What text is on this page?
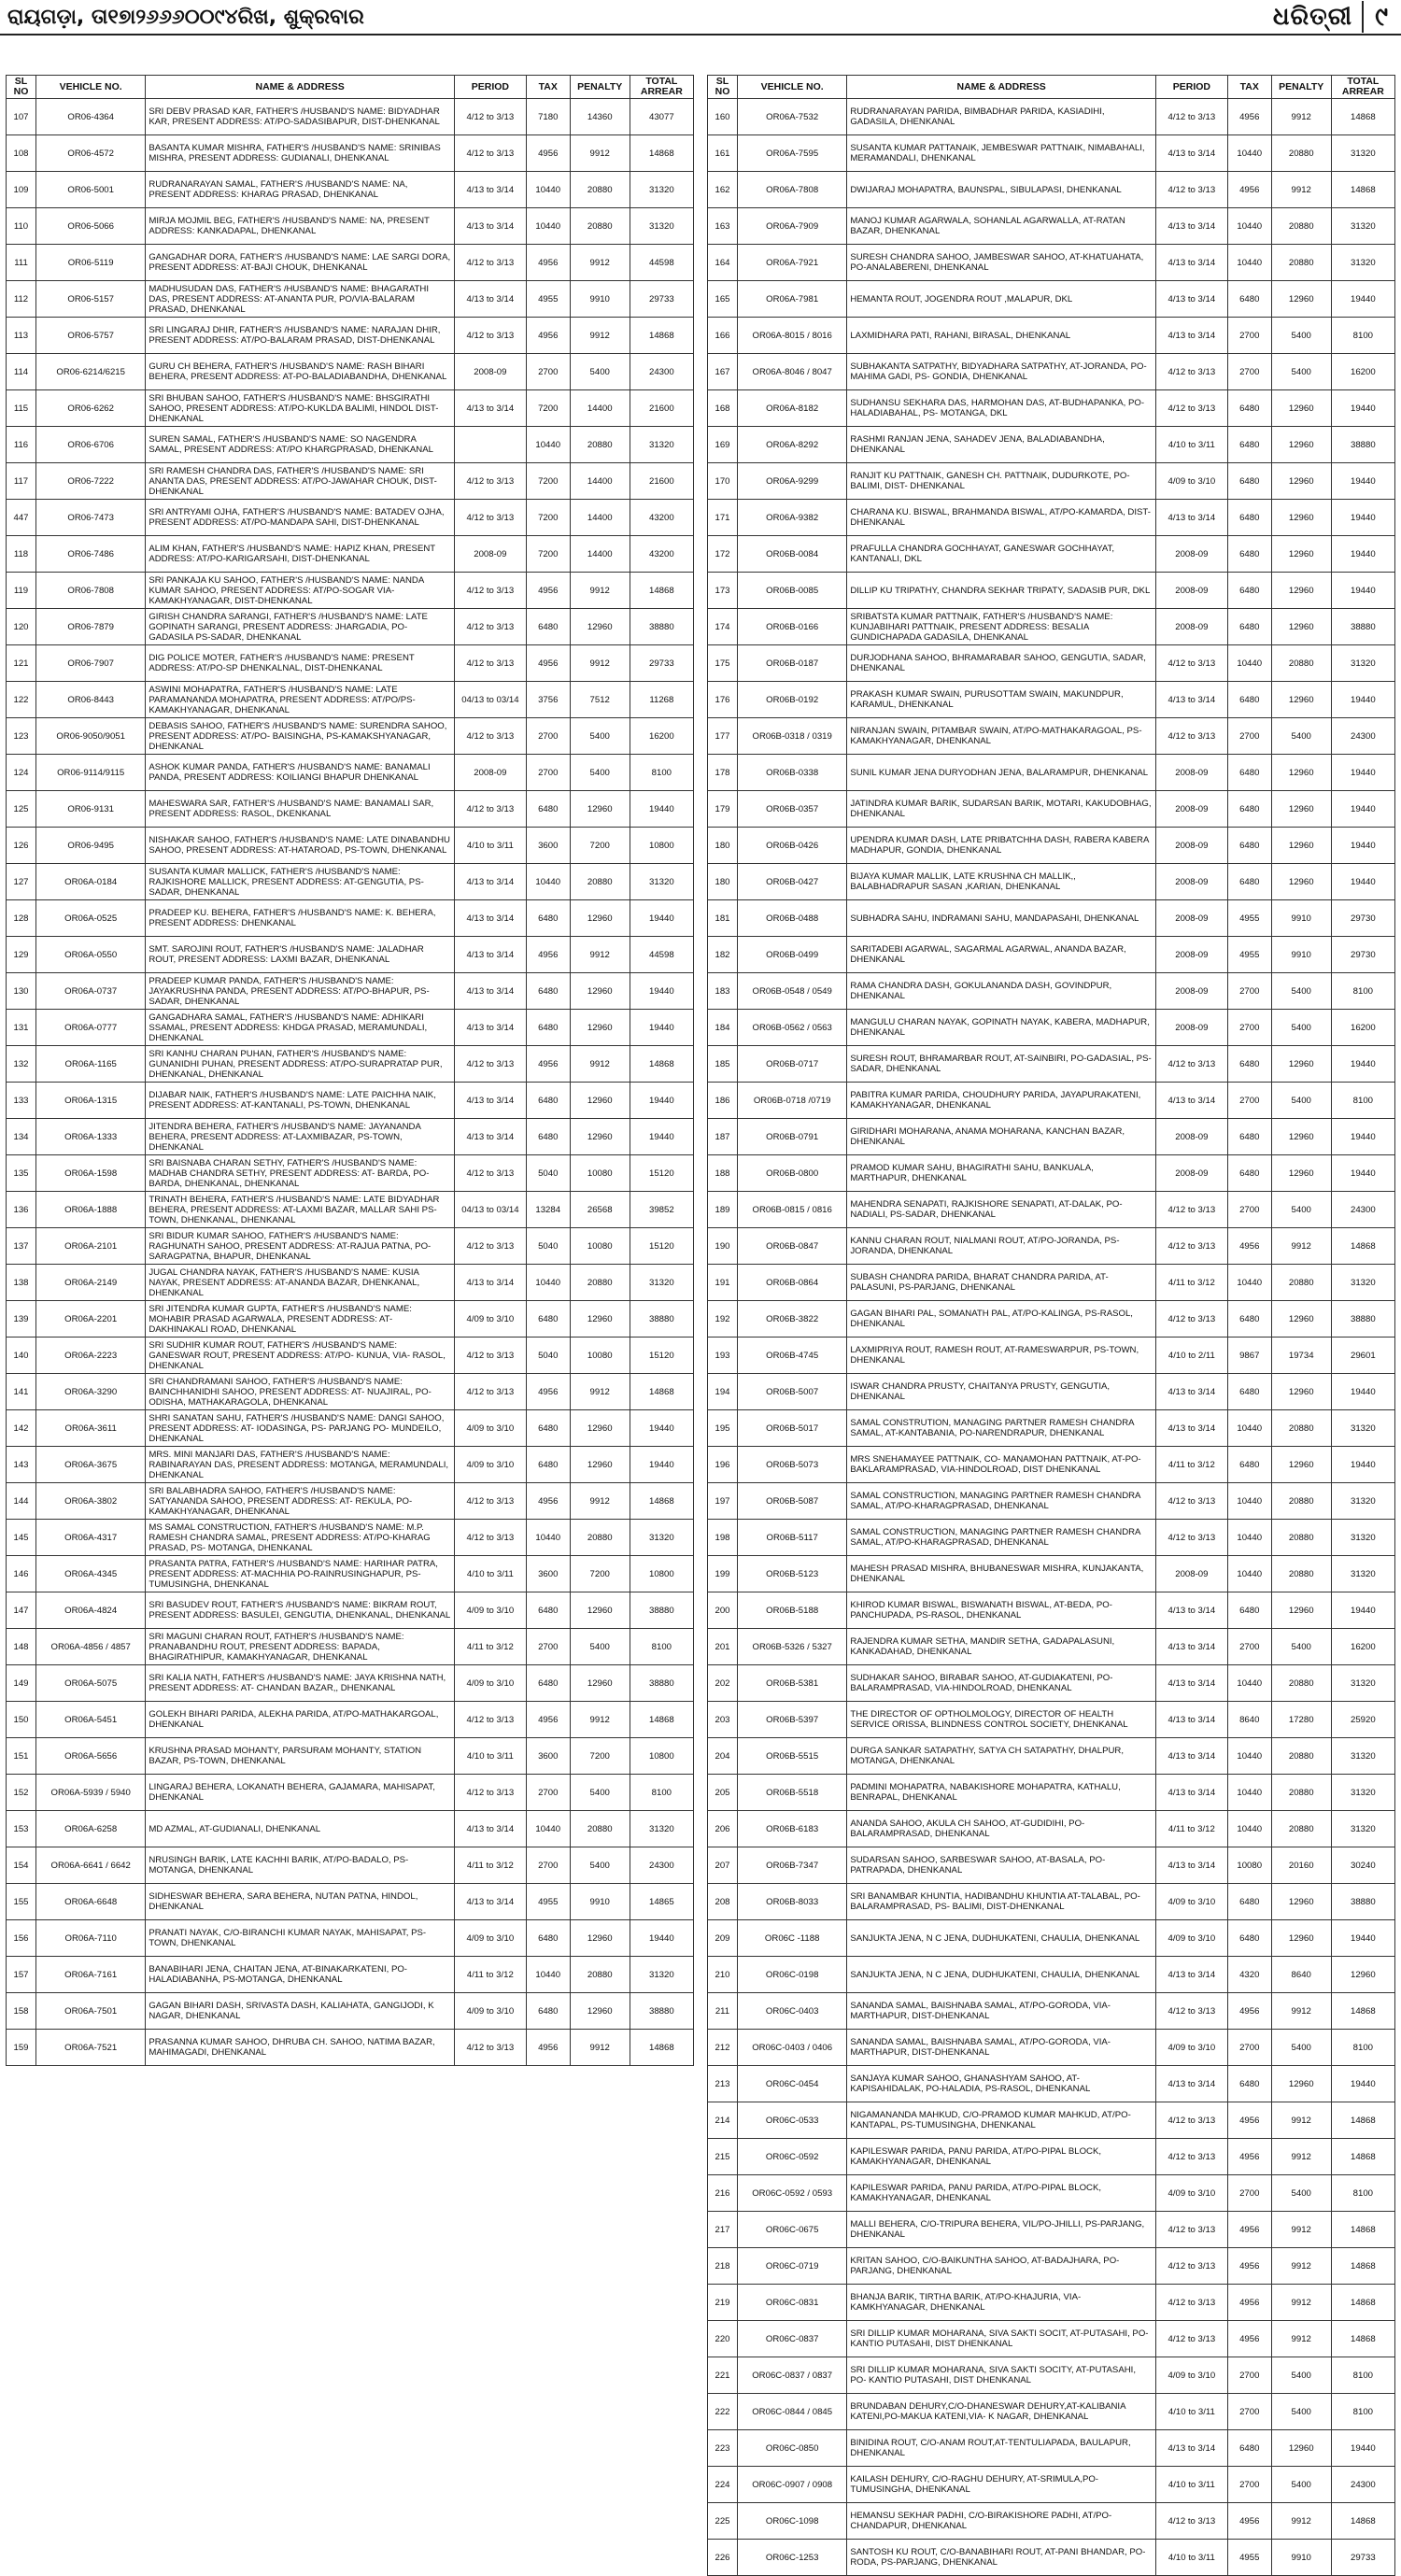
ରାୟଗଡ଼ା, ତା୧୭ା୨୬୬୬୦୦୯୪ରିଖ, ଶୁକ୍ରବାର	ଧରିତ୍ରୀ ୯
SL NO	VEHICLE NO.	NAME & ADDRESS	PERIOD	TAX	PENALTY	TOTAL ARREAR
107	OR06-4364	SRI DEBV PRASAD KAR, FATHER'S /HUSBAND'S NAME: BIDYADHAR KAR, PRESENT ADDRESS: AT/PO-SADASIBAPUR, DIST-DHENKANAL	4/12 to 3/13	7180	14360	43077
108	OR06-4572	BASANTA KUMAR MISHRA, FATHER'S /HUSBAND'S NAME: SRINIBAS MISHRA, PRESENT ADDRESS: GUDIANALI, DHENKANAL	4/12 to 3/13	4956	9912	14868
109	OR06-5001	RUDRANARAYAN SAMAL, FATHER'S /HUSBAND'S NAME: NA, PRESENT ADDRESS: KHARAG PRASAD, DHENKANAL	4/13 to 3/14	10440	20880	31320
110	OR06-5066	MIRJA MOJMIL BEG, FATHER'S /HUSBAND'S NAME: NA, PRESENT ADDRESS: KANKADAPAL, DHENKANAL	4/13 to 3/14	10440	20880	31320
111	OR06-5119	GANGADHAR DORA, FATHER'S /HUSBAND'S NAME: LAE SARGI DORA, PRESENT ADDRESS: AT-BAJI CHOUK, DHENKANAL	4/12 to 3/13	4956	9912	44598
112	OR06-5157	MADHUSUDAN DAS, FATHER'S /HUSBAND'S NAME: BHAGARATHI DAS, PRESENT ADDRESS: AT-ANANTA PUR, PO/VIA-BALARAM PRASAD, DHENKANAL	4/13 to 3/14	4955	9910	29733
113	OR06-5757	SRI LINGARAJ DHIR, FATHER'S /HUSBAND'S NAME: NARAJAN DHIR, PRESENT ADDRESS: AT/PO-BALARAM PRASAD, DIST-DHENKANAL	4/12 to 3/13	4956	9912	14868
114	OR06-6214/6215	GURU CH BEHERA, FATHER'S /HUSBAND'S NAME: RASH BIHARI BEHERA, PRESENT ADDRESS: AT-PO-BALADIABANDHA, DHENKANAL	2008-09	2700	5400	24300
115	OR06-6262	SRI BHUBAN SAHOO, FATHER'S /HUSBAND'S NAME: BHSGIRATHI SAHOO, PRESENT ADDRESS: AT/PO-KUKLDA BALIMI, HINDOL DIST-DHENKANAL	4/13 to 3/14	7200	14400	21600
116	OR06-6706	SUREN SAMAL, FATHER'S /HUSBAND'S NAME: SO NAGENDRA SAMAL, PRESENT ADDRESS: AT/PO KHARGPRASAD, DHENKANAL		10440	20880	31320
117	OR06-7222	SRI RAMESH CHANDRA DAS, FATHER'S /HUSBAND'S NAME: SRI ANANTA DAS, PRESENT ADDRESS: AT/PO-JAWAHAR CHOUK, DIST-DHENKANAL	4/12 to 3/13	7200	14400	21600
447	OR06-7473	SRI ANTRYAMI OJHA, FATHER'S /HUSBAND'S NAME: BATADEV OJHA, PRESENT ADDRESS: AT/PO-MANDAPA SAHI, DIST-DHENKANAL	4/12 to 3/13	7200	14400	43200
118	OR06-7486	ALIM KHAN, FATHER'S /HUSBAND'S NAME: HAPIZ KHAN, PRESENT ADDRESS: AT/PO-KARIGARSAHI, DIST-DHENKANAL	2008-09	7200	14400	43200
119	OR06-7808	SRI PANKAJA KU SAHOO, FATHER'S /HUSBAND'S NAME: NANDA KUMAR SAHOO, PRESENT ADDRESS: AT/PO-SOGAR VIA-KAMAKHYANAGAR, DIST-DHENKANAL	4/12 to 3/13	4956	9912	14868
120	OR06-7879	GIRISH CHANDRA SARANGI, FATHER'S /HUSBAND'S NAME: LATE GOPINATH SARANGI, PRESENT ADDRESS: JHARGADIA, PO-GADASILA PS-SADAR, DHENKANAL	4/12 to 3/13	6480	12960	38880
121	OR06-7907	DIG POLICE MOTER, FATHER'S /HUSBAND'S NAME: PRESENT ADDRESS: AT/PO-SP DHENKALNAL, DIST-DHENKANAL	4/12 to 3/13	4956	9912	29733
122	OR06-8443	ASWINI MOHAPATRA, FATHER'S /HUSBAND'S NAME: LATE PARAMANANDA MOHAPATRA, PRESENT ADDRESS: AT/PO/PS-KAMAKHYANAGAR, DHENKANAL	04/13 to 03/14	3756	7512	11268
123	OR06-9050/9051	DEBASIS SAHOO, FATHER'S /HUSBAND'S NAME: SURENDRA SAHOO, PRESENT ADDRESS: AT/PO- BAISINGHA, PS-KAMAKSHYANAGAR, DHENKANAL	4/12 to 3/13	2700	5400	16200
124	OR06-9114/9115	ASHOK KUMAR PANDA, FATHER'S /HUSBAND'S NAME: BANAMALI PANDA, PRESENT ADDRESS: KOILIANGI BHAPUR DHENKANAL	2008-09	2700	5400	8100
125	OR06-9131	MAHESWARA SAR, FATHER'S /HUSBAND'S NAME: BANAMALI SAR, PRESENT ADDRESS: RASOL, DKENKANAL	4/12 to 3/13	6480	12960	19440
126	OR06-9495	NISHAKAR SAHOO, FATHER'S /HUSBAND'S NAME: LATE DINABANDHU SAHOO, PRESENT ADDRESS: AT-HATAROAD, PS-TOWN, DHENKANAL	4/10 to 3/11	3600	7200	10800
127	OR06A-0184	SUSANTA KUMAR MALLICK, FATHER'S /HUSBAND'S NAME: RAJKISHORE MALLICK, PRESENT ADDRESS: AT-GENGUTIA, PS-SADAR, DHENKANAL	4/13 to 3/14	10440	20880	31320
128	OR06A-0525	PRADEEP KU. BEHERA, FATHER'S /HUSBAND'S NAME: K. BEHERA, PRESENT ADDRESS: DHENKANAL	4/13 to 3/14	6480	12960	19440
129	OR06A-0550	SMT. SAROJINI ROUT, FATHER'S /HUSBAND'S NAME: JALADHAR ROUT, PRESENT ADDRESS: LAXMI BAZAR, DHENKANAL	4/13 to 3/14	4956	9912	44598
130	OR06A-0737	PRADEEP KUMAR PANDA, FATHER'S /HUSBAND'S NAME: JAYAKRUSHNA PANDA, PRESENT ADDRESS: AT/PO-BHAPUR, PS-SADAR, DHENKANAL	4/13 to 3/14	6480	12960	19440
131	OR06A-0777	GANGADHARA SAMAL, FATHER'S /HUSBAND'S NAME: ADHIKARI SSAMAL, PRESENT ADDRESS: KHDGA PRASAD, MERAMUNDALI, DHENKANAL	4/13 to 3/14	6480	12960	19440
132	OR06A-1165	SRI KANHU CHARAN PUHAN, FATHER'S /HUSBAND'S NAME: GUNANIDHI PUHAN, PRESENT ADDRESS: AT/PO-SURAPRATAP PUR, DHENKANAL, DHENKANAL	4/12 to 3/13	4956	9912	14868
133	OR06A-1315	DIJABAR NAIK, FATHER'S /HUSBAND'S NAME: LATE PAICHHA NAIK, PRESENT ADDRESS: AT-KANTANALI, PS-TOWN, DHENKANAL	4/13 to 3/14	6480	12960	19440
134	OR06A-1333	JITENDRA BEHERA, FATHER'S /HUSBAND'S NAME: JAYANANDA BEHERA, PRESENT ADDRESS: AT-LAXMIBAZAR, PS-TOWN, DHENKANAL	4/13 to 3/14	6480	12960	19440
135	OR06A-1598	SRI BAISNABA CHARAN SETHY, FATHER'S /HUSBAND'S NAME: MADHAB CHANDRA SETHY, PRESENT ADDRESS: AT- BARDA, PO- BARDA, DHENKANAL, DHENKANAL	4/12 to 3/13	5040	10080	15120
136	OR06A-1888	TRINATH BEHERA, FATHER'S /HUSBAND'S NAME: LATE BIDYADHAR BEHERA, PRESENT ADDRESS: AT-LAXMI BAZAR, MALLAR SAHI PS-TOWN, DHENKANAL, DHENKANAL	04/13 to 03/14	13284	26568	39852
137	OR06A-2101	SRI BIDUR KUMAR SAHOO, FATHER'S /HUSBAND'S NAME: RAGHUNATH SAHOO, PRESENT ADDRESS: AT-RAJUA PATNA, PO- SARAGPATNA, BHAPUR, DHENKANAL	4/12 to 3/13	5040	10080	15120
138	OR06A-2149	JUGAL CHANDRA NAYAK, FATHER'S /HUSBAND'S NAME: KUSIA NAYAK, PRESENT ADDRESS: AT-ANANDA BAZAR, DHENKANAL, DHENKANAL	4/13 to 3/14	10440	20880	31320
139	OR06A-2201	SRI JITENDRA KUMAR GUPTA, FATHER'S /HUSBAND'S NAME: MOHABIR PRASAD AGARWALA, PRESENT ADDRESS: AT- DAKHINAKALI ROAD, DHENKANAL	4/09 to 3/10	6480	12960	38880
140	OR06A-2223	SRI SUDHIR KUMAR ROUT, FATHER'S /HUSBAND'S NAME: GANESWAR ROUT, PRESENT ADDRESS: AT/PO- KUNUA, VIA- RASOL, DHENKANAL	4/12 to 3/13	5040	10080	15120
141	OR06A-3290	SRI CHANDRAMANI SAHOO, FATHER'S /HUSBAND'S NAME: BAINCHHANIDHI SAHOO, PRESENT ADDRESS: AT- NUAJIRAL, PO-ODISHA, MATHAKARAGOLA, DHENKANAL	4/12 to 3/13	4956	9912	14868
142	OR06A-3611	SHRI SANATAN SAHU, FATHER'S /HUSBAND'S NAME: DANGI SAHOO, PRESENT ADDRESS: AT- IODASINGA, PS- PARJANG PO- MUNDEILO, DHENKANAL	4/09 to 3/10	6480	12960	19440
143	OR06A-3675	MRS. MINI MANJARI DAS, FATHER'S /HUSBAND'S NAME: RABINARAYAN DAS, PRESENT ADDRESS: MOTANGA, MERAMUNDALI, DHENKANAL	4/09 to 3/10	6480	12960	19440
144	OR06A-3802	SRI BALABHADRA SAHOO, FATHER'S /HUSBAND'S NAME: SATYANANDA SAHOO, PRESENT ADDRESS: AT- REKULA, PO-KAMAKHYANAGAR, DHENKANAL	4/12 to 3/13	4956	9912	14868
145	OR06A-4317	MS SAMAL CONSTRUCTION, FATHER'S /HUSBAND'S NAME: M.P. RAMESH CHANDRA SAMAL, PRESENT ADDRESS: AT/PO-KHARAG PRASAD, PS- MOTANGA, DHENKANAL	4/12 to 3/13	10440	20880	31320
146	OR06A-4345	PRASANTA PATRA, FATHER'S /HUSBAND'S NAME: HARIHAR PATRA, PRESENT ADDRESS: AT-MACHHIA PO-RAINRUSINGHAPUR, PS-TUMUSINGHA, DHENKANAL	4/10 to 3/11	3600	7200	10800
147	OR06A-4824	SRI BASUDEV ROUT, FATHER'S /HUSBAND'S NAME: BIKRAM ROUT, PRESENT ADDRESS: BASULEI, GENGUTIA, DHENKANAL, DHENKANAL	4/09 to 3/10	6480	12960	38880
148	OR06A-4856 / 4857	SRI MAGUNI CHARAN ROUT, FATHER'S /HUSBAND'S NAME: PRANABANDHU ROUT, PRESENT ADDRESS: BAPADA, BHAGIRATHIPUR, KAMAKHYANAGAR, DHENKANAL	4/11 to 3/12	2700	5400	8100
149	OR06A-5075	SRI KALIA NATH, FATHER'S /HUSBAND'S NAME: JAYA KRISHNA NATH, PRESENT ADDRESS: AT- CHANDAN BAZAR,, DHENKANAL	4/09 to 3/10	6480	12960	38880
150	OR06A-5451	GOLEKH BIHARI PARIDA, ALEKHA PARIDA, AT/PO-MATHAKARGOAL, DHENKANAL	4/12 to 3/13	4956	9912	14868
151	OR06A-5656	KRUSHNA PRASAD MOHANTY, PARSURAM MOHANTY, STATION BAZAR, PS-TOWN, DHENKANAL	4/10 to 3/11	3600	7200	10800
152	OR06A-5939 / 5940	LINGARAJ BEHERA, LOKANATH BEHERA, GAJAMARA, MAHISAPAT, DHENKANAL	4/12 to 3/13	2700	5400	8100
153	OR06A-6258	MD AZMAL, AT-GUDIANALI, DHENKANAL	4/13 to 3/14	10440	20880	31320
154	OR06A-6641 / 6642	NRUSINGH BARIK, LATE KACHHI BARIK, AT/PO-BADALO, PS-MOTANGA, DHENKANAL	4/11 to 3/12	2700	5400	24300
155	OR06A-6648	SIDHESWAR BEHERA, SARA BEHERA, NUTAN PATNA, HINDOL, DHENKANAL	4/13 to 3/14	4955	9910	14865
156	OR06A-7110	PRANATI NAYAK, C/O-BIRANCHI KUMAR NAYAK, MAHISAPAT, PS-TOWN, DHENKANAL	4/09 to 3/10	6480	12960	19440
157	OR06A-7161	BANABIHARI JENA, CHAITAN JENA, AT-BINAKARKATENI, PO-HALADIABANHA, PS-MOTANGA, DHENKANAL	4/11 to 3/12	10440	20880	31320
158	OR06A-7501	GAGAN BIHARI DASH, SRIVASTA DASH, KALIAHATA, GANGIJODI, K NAGAR, DHENKANAL	4/09 to 3/10	6480	12960	38880
159	OR06A-7521	PRASANNA KUMAR SAHOO, DHRUBA CH. SAHOO, NATIMA BAZAR, MAHIMAGADI, DHENKANAL	4/12 to 3/13	4956	9912	14868
SL NO	VEHICLE NO.	NAME & ADDRESS	PERIOD	TAX	PENALTY	TOTAL ARREAR
160	OR06A-7532	RUDRANARAYAN PARIDA, BIMBADHAR PARIDA, KASIADIHI, GADASILA, DHENKANAL	4/12 to 3/13	4956	9912	14868
161	OR06A-7595	SUSANTA KUMAR PATTANAIK, JEMBESWAR PATTNAIK, NIMABAHALI, MERAMANDALI, DHENKANAL	4/13 to 3/14	10440	20880	31320
162	OR06A-7808	DWIJARAJ MOHAPATRA, BAUNSPAL, SIBULAPASI, DHENKANAL	4/12 to 3/13	4956	9912	14868
163	OR06A-7909	MANOJ KUMAR AGARWALA, SOHANLAL AGARWALLA, AT-RATAN BAZAR, DHENKANAL	4/13 to 3/14	10440	20880	31320
164	OR06A-7921	SURESH CHANDRA SAHOO, JAMBESWAR SAHOO, AT-KHATUAHATA, PO-ANALABERENI, DHENKANAL	4/13 to 3/14	10440	20880	31320
165	OR06A-7981	HEMANTA ROUT, JOGENDRA ROUT ,MALAPUR, DKL	4/13 to 3/14	6480	12960	19440
166	OR06A-8015 / 8016	LAXMIDHARA PATI, RAHANI, BIRASAL, DHENKANAL	4/13 to 3/14	2700	5400	8100
167	OR06A-8046 / 8047	SUBHAKANTA SATPATHY, BIDYADHARA SATPATHY, AT-JORANDA, PO- MAHIMA GADI, PS- GONDIA, DHENKANAL	4/12 to 3/13	2700	5400	16200
168	OR06A-8182	SUDHANSU SEKHARA DAS, HARMOHAN DAS, AT-BUDHAPANKA, PO- HALADIABAHAL, PS- MOTANGA, DKL	4/12 to 3/13	6480	12960	19440
169	OR06A-8292	RASHMI RANJAN JENA, SAHADEV JENA, BALADIABANDHA, DHENKANAL	4/10 to 3/11	6480	12960	38880
170	OR06A-9299	RANJIT KU PATTNAIK, GANESH CH. PATTNAIK, DUDURKOTE, PO- BALIMI, DIST- DHENKANAL	4/09 to 3/10	6480	12960	19440
171	OR06A-9382	CHARANA KU. BISWAL, BRAHMANDA BISWAL, AT/PO-KAMARDA, DIST- DHENKANAL	4/13 to 3/14	6480	12960	19440
172	OR06B-0084	PRAFULLA CHANDRA GOCHHAYAT, GANESWAR GOCHHAYAT, KANTANALI, DKL	2008-09	6480	12960	19440
173	OR06B-0085	DILLIP KU TRIPATHY, CHANDRA SEKHAR TRIPATY, SADASIB PUR, DKL	2008-09	6480	12960	19440
174	OR06B-0166	SRIBATSTA KUMAR PATTNAIK, FATHER'S /HUSBAND'S NAME: KUNJABIHARI PATTNAIK, PRESENT ADDRESS: BESALIA GUNDICHAPADA GADASILA, DHENKANAL	2008-09	6480	12960	38880
175	OR06B-0187	DURJODHANA SAHOO, BHRAMARABAR SAHOO, GENGUTIA, SADAR, DHENKANAL	4/12 to 3/13	10440	20880	31320
176	OR06B-0192	PRAKASH KUMAR SWAIN, PURUSOTTAM SWAIN, MAKUNDPUR, KARAMUL, DHENKANAL	4/13 to 3/14	6480	12960	19440
177	OR06B-0318 / 0319	NIRANJAN SWAIN, PITAMBAR SWAIN, AT/PO-MATHAKARAGOAL, PS-KAMAKHYANAGAR, DHENKANAL	4/12 to 3/13	2700	5400	24300
178	OR06B-0338	SUNIL KUMAR JENA DURYODHAN JENA, BALARAMPUR, DHENKANAL	2008-09	6480	12960	19440
179	OR06B-0357	JATINDRA KUMAR BARIK, SUDARSAN BARIK, MOTARI, KAKUDOBHAG, DHENKANAL	2008-09	6480	12960	19440
180	OR06B-0426	UPENDRA KUMAR DASH, LATE PRIBATCHHA DASH, RABERA KABERA MADHAPUR, GONDIA, DHENKANAL	2008-09	6480	12960	19440
180	OR06B-0427	BIJAYA KUMAR MALLIK, LATE KRUSHNA CH MALLIK,, BALABHADRAPUR SASAN ,KARIAN, DHENKANAL	2008-09	6480	12960	19440
181	OR06B-0488	SUBHADRA SAHU, INDRAMANI SAHU, MANDAPASAHI, DHENKANAL	2008-09	4955	9910	29730
182	OR06B-0499	SARITADEBI AGARWAL, SAGARMAL AGARWAL, ANANDA BAZAR, DHENKANAL	2008-09	4955	9910	29730
183	OR06B-0548 / 0549	RAMA CHANDRA DASH, GOKULANANDA DASH, GOVINDPUR, DHENKANAL	2008-09	2700	5400	8100
184	OR06B-0562 / 0563	MANGULU CHARAN NAYAK, GOPINATH NAYAK, KABERA, MADHAPUR, DHENKANAL	2008-09	2700	5400	16200
185	OR06B-0717	SURESH ROUT, BHRAMARBAR ROUT, AT-SAINBIRI, PO-GADASIAL, PS-SADAR, DHENKANAL	4/12 to 3/13	6480	12960	19440
186	OR06B-0718 /0719	PABITRA KUMAR PARIDA, CHOUDHURY PARIDA, JAYAPURAKATENI, KAMAKHYANAGAR, DHENKANAL	4/13 to 3/14	2700	5400	8100
187	OR06B-0791	GIRIDHARI MOHARANA, ANAMA MOHARANA, KANCHAN BAZAR, DHENKANAL	2008-09	6480	12960	19440
188	OR06B-0800	PRAMOD KUMAR SAHU, BHAGIRATHI SAHU, BANKUALA, MARTHAPUR, DHENKANAL	2008-09	6480	12960	19440
189	OR06B-0815 / 0816	MAHENDRA SENAPATI, RAJKISHORE SENAPATI, AT-DALAK, PO-NADIALI, PS-SADAR, DHENKANAL	4/12 to 3/13	2700	5400	24300
190	OR06B-0847	KANNU CHARAN ROUT, NIALMANI ROUT, AT/PO-JORANDA, PS-JORANDA, DHENKANAL	4/12 to 3/13	4956	9912	14868
191	OR06B-0864	SUBASH CHANDRA PARIDA, BHARAT CHANDRA PARIDA, AT-PALASUNI, PS-PARJANG, DHENKANAL	4/11 to 3/12	10440	20880	31320
192	OR06B-3822	GAGAN BIHARI PAL, SOMANATH PAL, AT/PO-KALINGA, PS-RASOL, DHENKANAL	4/12 to 3/13	6480	12960	38880
193	OR06B-4745	LAXMIPRIYA ROUT, RAMESH ROUT, AT-RAMESWARPUR, PS-TOWN, DHENKANAL	4/10 to 2/11	9867	19734	29601
194	OR06B-5007	ISWAR CHANDRA PRUSTY, CHAITANYA PRUSTY, GENGUTIA, DHENKANAL	4/13 to 3/14	6480	12960	19440
195	OR06B-5017	SAMAL CONSTRUTION, MANAGING PARTNER RAMESH CHANDRA SAMAL, AT-KANTABANIA, PO-NARENDRAPUR, DHENKANAL	4/13 to 3/14	10440	20880	31320
196	OR06B-5073	MRS SNEHAMAYEE PATTNAIK, CO- MANAMOHAN PATTNAIK, AT-PO- BAKLARAMPRASAD, VIA-HINDOLROAD, DIST DHENKANAL	4/11 to 3/12	6480	12960	19440
197	OR06B-5087	SAMAL CONSTRUCTION, MANAGING PARTNER RAMESH CHANDRA SAMAL, AT/PO-KHARAGPRASAD, DHENKANAL	4/12 to 3/13	10440	20880	31320
198	OR06B-5117	SAMAL CONSTRUCTION, MANAGING PARTNER RAMESH CHANDRA SAMAL, AT/PO-KHARAGPRASAD, DHENKANAL	4/12 to 3/13	10440	20880	31320
199	OR06B-5123	MAHESH PRASAD MISHRA, BHUBANESWAR MISHRA, KUNJAKANTA, DHENKANAL	2008-09	10440	20880	31320
200	OR06B-5188	KHIROD KUMAR BISWAL, BISWANATH BISWAL, AT-BEDA, PO-PANCHUPADA, PS-RASOL, DHENKANAL	4/13 to 3/14	6480	12960	19440
201	OR06B-5326 / 5327	RAJENDRA KUMAR SETHA, MANDIR SETHA, GADAPALASUNI, KANKADAHAD, DHENKANAL	4/13 to 3/14	2700	5400	16200
202	OR06B-5381	SUDHAKAR SAHOO, BIRABAR SAHOO, AT-GUDIAKATENI, PO-BALARAMPRASAD, VIA-HINDOLROAD, DHENKANAL	4/13 to 3/14	10440	20880	31320
203	OR06B-5397	THE DIRECTOR OF OPTHOLMOLOGY, DIRECTOR OF HEALTH SERVICE ORISSA, BLINDNESS CONTROL SOCIETY, DHENKANAL	4/13 to 3/14	8640	17280	25920
204	OR06B-5515	DURGA SANKAR SATAPATHY, SATYA CH SATAPATHY, DHALPUR, MOTANGA, DHENKANAL	4/13 to 3/14	10440	20880	31320
205	OR06B-5518	PADMINI MOHAPATRA, NABAKISHORE MOHAPATRA, KATHALU, BENRAPAL, DHENKANAL	4/13 to 3/14	10440	20880	31320
206	OR06B-6183	ANANDA SAHOO, AKULA CH SAHOO, AT-GUDIDIHI, PO-BALARAMPRASAD, DHENKANAL	4/11 to 3/12	10440	20880	31320
207	OR06B-7347	SUDARSAN SAHOO, SARBESWAR SAHOO, AT-BASALA, PO-PATRAPADA, DHENKANAL	4/13 to 3/14	10080	20160	30240
208	OR06B-8033	SRI BANAMBAR KHUNTIA, HADIBANDHU KHUNTIA AT-TALABAL, PO-BALARAMPRASAD, PS- BALIMI, DIST-DHENKANAL	4/09 to 3/10	6480	12960	38880
209	OR06C -1188	SANJUKTA JENA, N C JENA, DUDHUKATENI, CHAULIA, DHENKANAL	4/09 to 3/10	6480	12960	19440
210	OR06C-0198	SANJUKTA JENA, N C JENA, DUDHUKATENI, CHAULIA, DHENKANAL	4/13 to 3/14	4320	8640	12960
211	OR06C-0403	SANANDA SAMAL, BAISHNABA SAMAL, AT/PO-GORODA, VIA-MARTHAPUR, DIST-DHENKANAL	4/12 to 3/13	4956	9912	14868
212	OR06C-0403 / 0406	SANANDA SAMAL, BAISHNABA SAMAL, AT/PO-GORODA, VIA-MARTHAPUR, DIST-DHENKANAL	4/09 to 3/10	2700	5400	8100
213	OR06C-0454	SANJAYA KUMAR SAHOO, GHANASHYAM SAHOO, AT-KAPISAHIDALAK, PO-HALADIA, PS-RASOL, DHENKANAL	4/13 to 3/14	6480	12960	19440
214	OR06C-0533	NIGAMANANDA MAHKUD, C/O-PRAMOD KUMAR MAHKUD, AT/PO-KANTAPAL, PS-TUMUSINGHA, DHENKANAL	4/12 to 3/13	4956	9912	14868
215	OR06C-0592	KAPILESWAR PARIDA, PANU PARIDA, AT/PO-PIPAL BLOCK, KAMAKHYANAGAR, DHENKANAL	4/12 to 3/13	4956	9912	14868
216	OR06C-0592 / 0593	KAPILESWAR PARIDA, PANU PARIDA, AT/PO-PIPAL BLOCK, KAMAKHYANAGAR, DHENKANAL	4/09 to 3/10	2700	5400	8100
217	OR06C-0675	MALLI BEHERA, C/O-TRIPURA BEHERA, VIL/PO-JHILLI, PS-PARJANG, DHENKANAL	4/12 to 3/13	4956	9912	14868
218	OR06C-0719	KRITAN SAHOO, C/O-BAIKUNTHA SAHOO, AT-BADAJHARA, PO-PARJANG, DHENKANAL	4/12 to 3/13	4956	9912	14868
219	OR06C-0831	BHANJA BARIK, TIRTHA BARIK, AT/PO-KHAJURIA, VIA-KAMKHYANAGAR, DHENKANAL	4/12 to 3/13	4956	9912	14868
220	OR06C-0837	SRI DILLIP KUMAR MOHARANA, SIVA SAKTI SOCIT, AT-PUTASAHI, PO- KANTIO PUTASAHI, DIST DHENKANAL	4/12 to 3/13	4956	9912	14868
221	OR06C-0837 / 0837	SRI DILLIP KUMAR MOHARANA, SIVA SAKTI SOCITY, AT-PUTASAHI, PO- KANTIO PUTASAHI, DIST DHENKANAL	4/09 to 3/10	2700	5400	8100
222	OR06C-0844 / 0845	BRUNDABAN DEHURY,C/O-DHANESWAR DEHURY,AT-KALIBANIA KATENI,PO-MAKUA KATENI,VIA- K NAGAR, DHENKANAL	4/10 to 3/11	2700	5400	8100
223	OR06C-0850	BINIDINA ROUT, C/O-ANAM ROUT,AT-TENTULIAPADA, BAULAPUR, DHENKANAL	4/13 to 3/14	6480	12960	19440
224	OR06C-0907 / 0908	KAILASH DEHURY, C/O-RAGHU DEHURY, AT-SRIMULA,PO-TUMUSINGHA, DHENKANAL	4/10 to 3/11	2700	5400	24300
225	OR06C-1098	HEMANSU SEKHAR PADHI, C/O-BIRAKISHORE PADHI, AT/PO-CHANDAPUR, DHENKANAL	4/12 to 3/13	4956	9912	14868
226	OR06C-1253	SANTOSH KU ROUT, C/O-BANABIHARI ROUT, AT-PANI BHANDAR, PO-RODA, PS-PARJANG, DHENKANAL	4/10 to 3/11	4955	9910	29733
